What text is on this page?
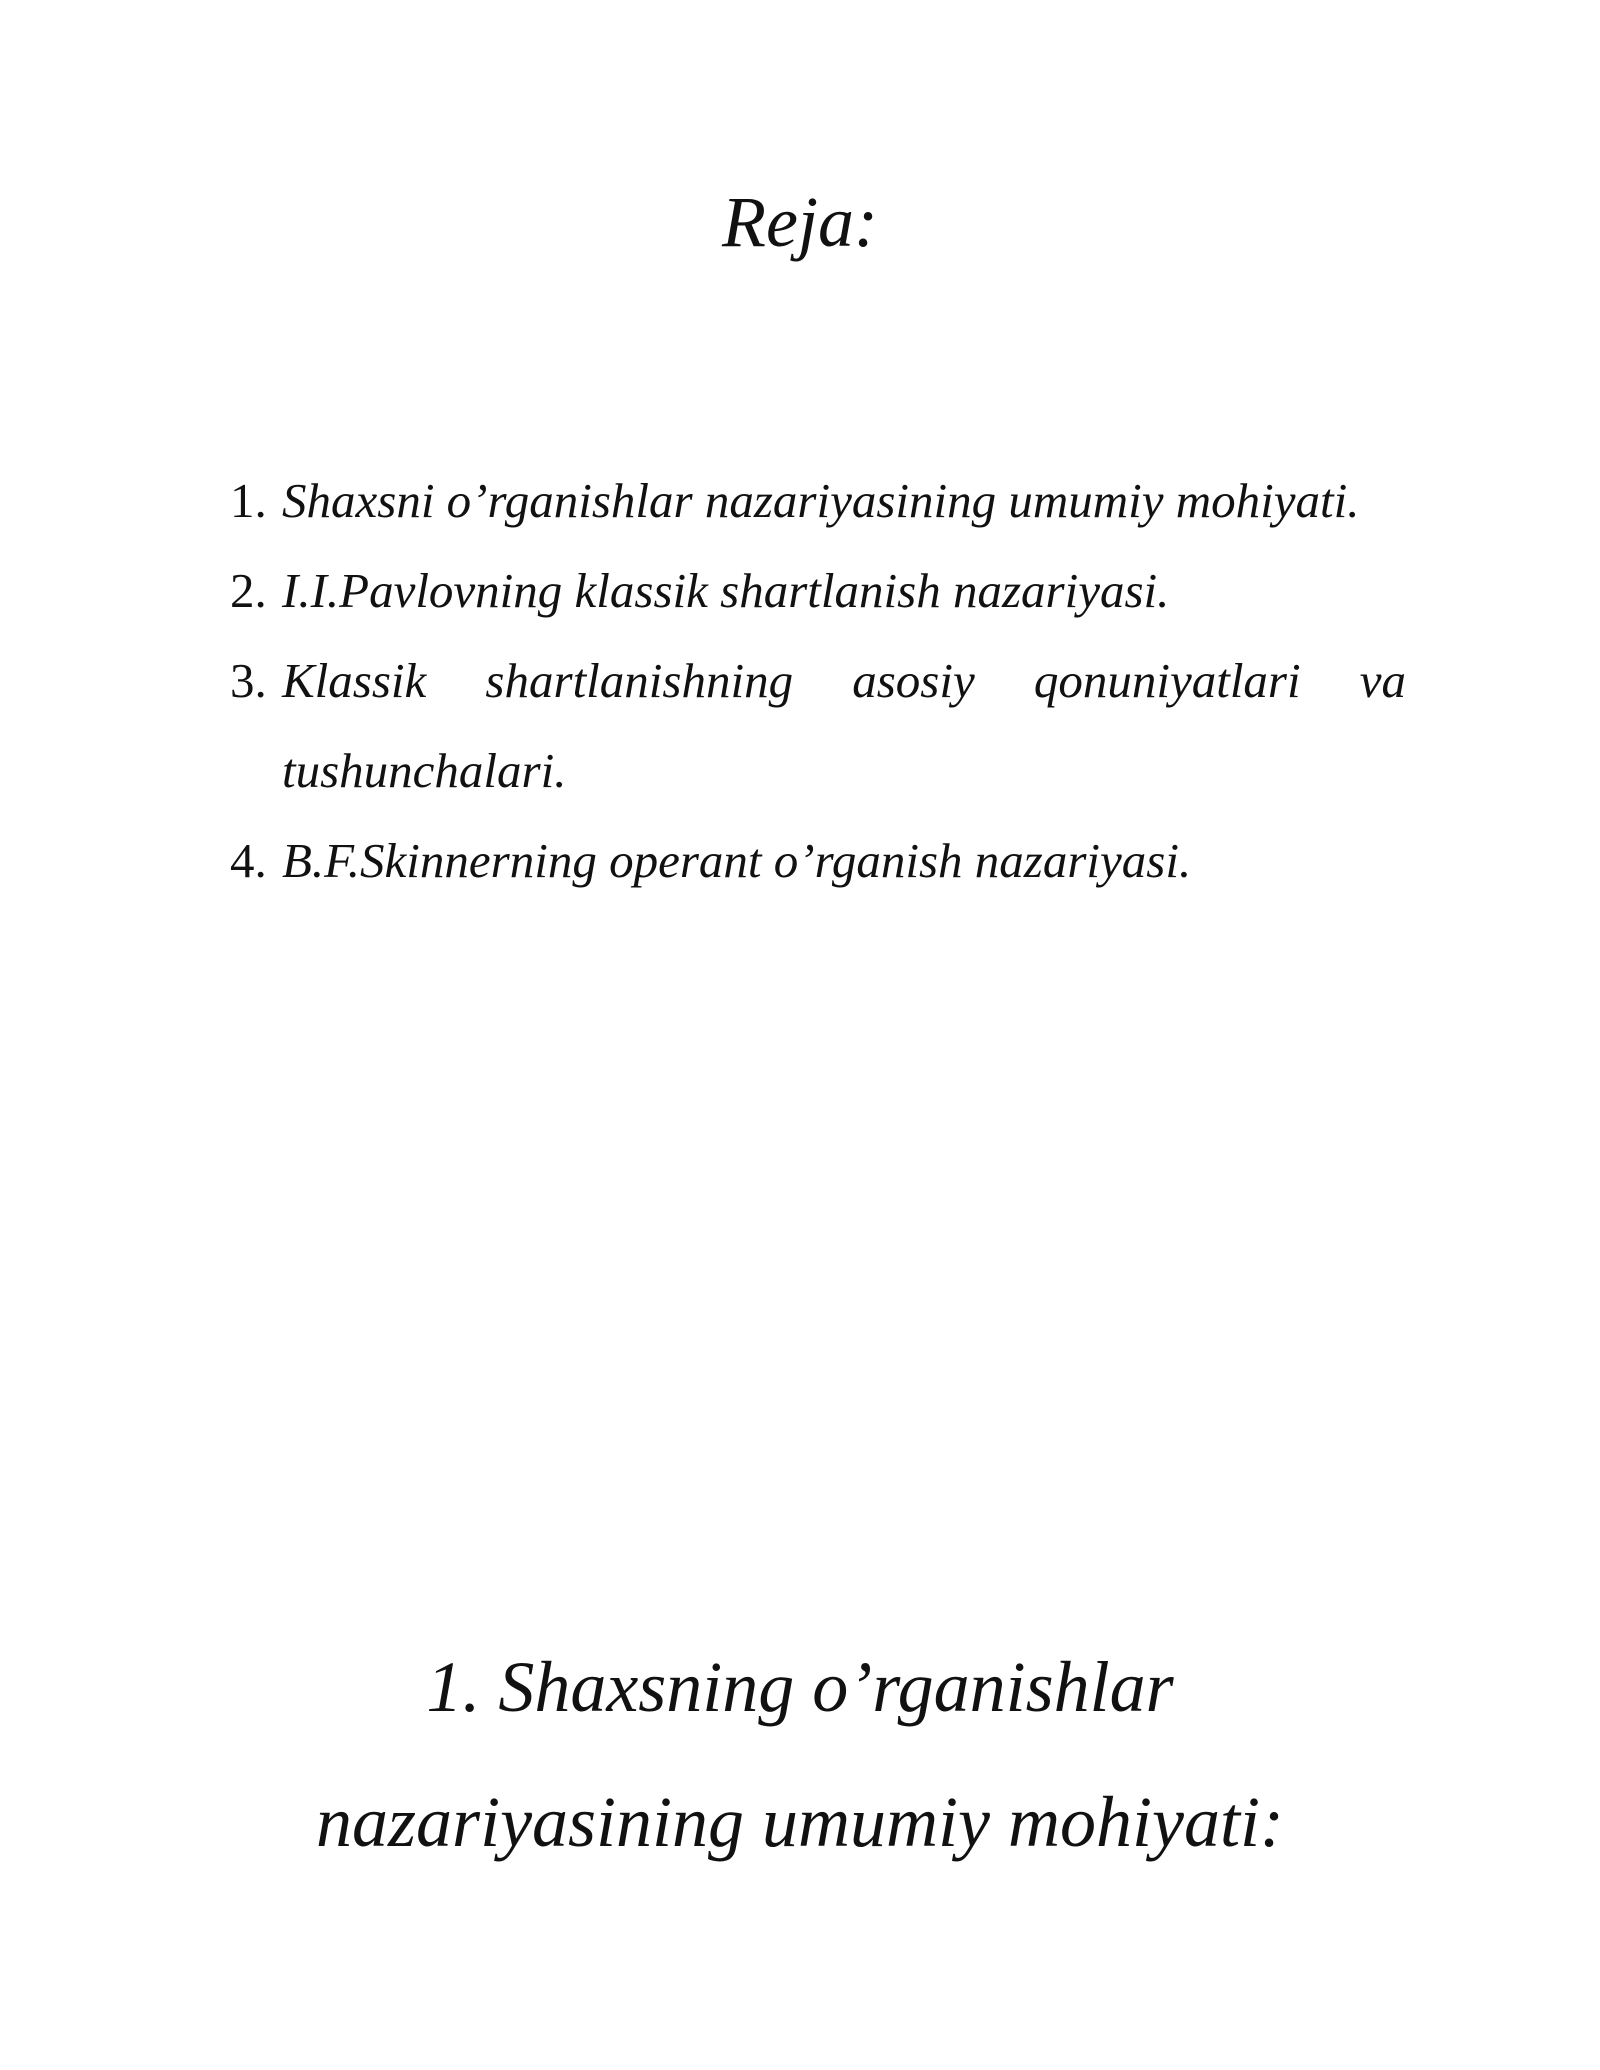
Reja:
1. Shaxsni o’rganishlar nazariyasining umumiy mohiyati.
2. I.I.Pavlovning klassik shartlanish nazariyasi.
3. Klassik shartlanishning asosiy qonuniyatlari va tushunchalari.
4. B.F.Skinnerning operant o’rganish nazariyasi.
1. Shaxsning o’rganishlar
nazariyasining umumiy mohiyati:
